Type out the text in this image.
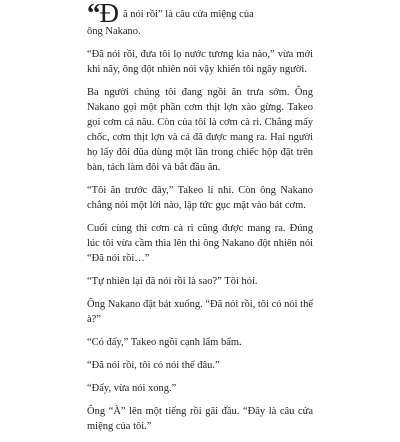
“ Đ ã nói rồi” là câu cửa miệng của
ông Nakano.

“Đã nói rồi, đưa tôi lọ nước tương kia nào,” vừa mới khi nãy, ông đột nhiên nói vậy khiến tôi ngây người.

Ba người chúng tôi đang ngồi ăn trưa sớm. Ông Nakano gọi một phần cơm thịt lợn xào gừng. Takeo gọi cơm cá nâu. Còn của tôi là cơm cà ri. Chẳng mấy chốc, cơm thịt lợn và cá đã được mang ra. Hai người họ lấy đôi đũa dùng một lần trong chiếc hộp đặt trên bàn, tách làm đôi và bắt đầu ăn.

“Tôi ăn trước đây,” Takeo lí nhí. Còn ông Nakano chẳng nói một lời nào, lập tức gục mặt vào bát cơm.

Cuối cùng thì cơm cà ri cũng được mang ra. Đúng lúc tôi vừa cầm thìa lên thì ông Nakano đột nhiên nói “Đã nói rồi…”

“Tự nhiên lại đã nói rồi là sao?” Tôi hỏi.

Ông Nakano đặt bát xuống. “Đã nói rồi, tôi có nói thế à?”

“Có đấy,” Takeo ngồi cạnh lẩm bẩm.

“Đã nói rồi, tôi có nói thế đâu.”

“Đấy, vừa nói xong.”

Ông “À” lên một tiếng rồi gãi đầu. “Đây là câu cửa miệng của tôi.”
